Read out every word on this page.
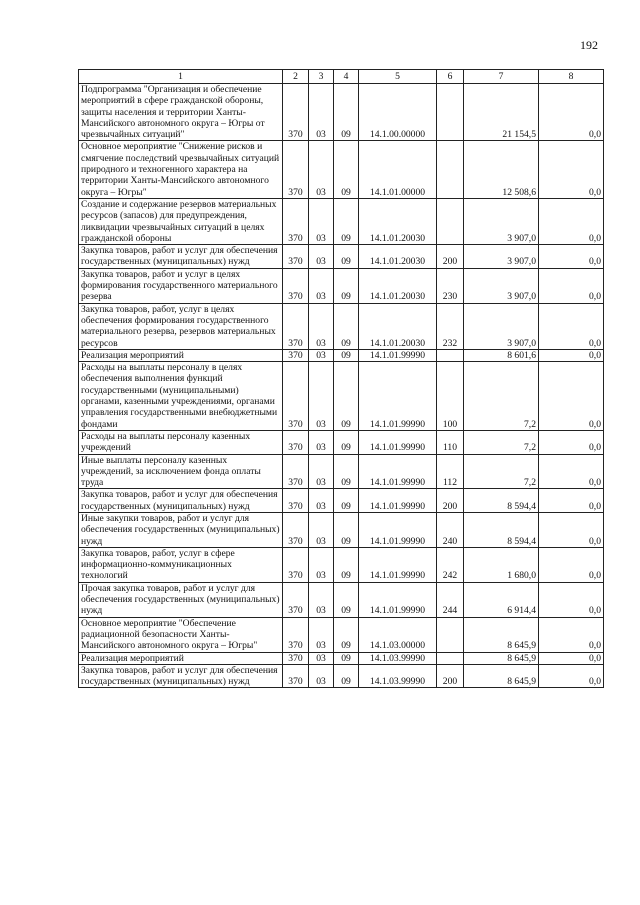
192
1	2	3	4	5	6	7	8
Подпрограмма "Организация и обеспечение мероприятий в сфере гражданской обороны, защиты населения и территории Ханты-Мансийского автономного округа – Югры от чрезвычайных ситуаций"	370	03	09	14.1.00.00000		21 154,5	0,0
Основное мероприятие "Снижение рисков и смягчение последствий чрезвычайных ситуаций природного и техногенного характера на территории Ханты-Мансийского автономного округа – Югры"	370	03	09	14.1.01.00000		12 508,6	0,0
Создание и содержание резервов материальных ресурсов (запасов) для предупреждения, ликвидации чрезвычайных ситуаций в целях гражданской обороны	370	03	09	14.1.01.20030		3 907,0	0,0
Закупка товаров, работ и услуг для обеспечения государственных (муниципальных) нужд	370	03	09	14.1.01.20030	200	3 907,0	0,0
Закупка товаров, работ и услуг в целях формирования государственного материального резерва	370	03	09	14.1.01.20030	230	3 907,0	0,0
Закупка товаров, работ, услуг в целях обеспечения формирования государственного материального резерва, резервов материальных ресурсов	370	03	09	14.1.01.20030	232	3 907,0	0,0
Реализация мероприятий	370	03	09	14.1.01.99990		8 601,6	0,0
Расходы на выплаты персоналу в целях обеспечения выполнения функций государственными (муниципальными) органами, казенными учреждениями, органами управления государственными внебюджетными фондами	370	03	09	14.1.01.99990	100	7,2	0,0
Расходы на выплаты персоналу казенных учреждений	370	03	09	14.1.01.99990	110	7,2	0,0
Иные выплаты персоналу казенных учреждений, за исключением фонда оплаты труда	370	03	09	14.1.01.99990	112	7,2	0,0
Закупка товаров, работ и услуг для обеспечения государственных (муниципальных) нужд	370	03	09	14.1.01.99990	200	8 594,4	0,0
Иные закупки товаров, работ и услуг для обеспечения государственных (муниципальных) нужд	370	03	09	14.1.01.99990	240	8 594,4	0,0
Закупка товаров, работ, услуг в сфере информационно-коммуникационных технологий	370	03	09	14.1.01.99990	242	1 680,0	0,0
Прочая закупка товаров, работ и услуг для обеспечения государственных (муниципальных) нужд	370	03	09	14.1.01.99990	244	6 914,4	0,0
Основное мероприятие "Обеспечение радиационной безопасности Ханты-Мансийского автономного округа – Югры"	370	03	09	14.1.03.00000		8 645,9	0,0
Реализация мероприятий	370	03	09	14.1.03.99990		8 645,9	0,0
Закупка товаров, работ и услуг для обеспечения государственных (муниципальных) нужд	370	03	09	14.1.03.99990	200	8 645,9	0,0
